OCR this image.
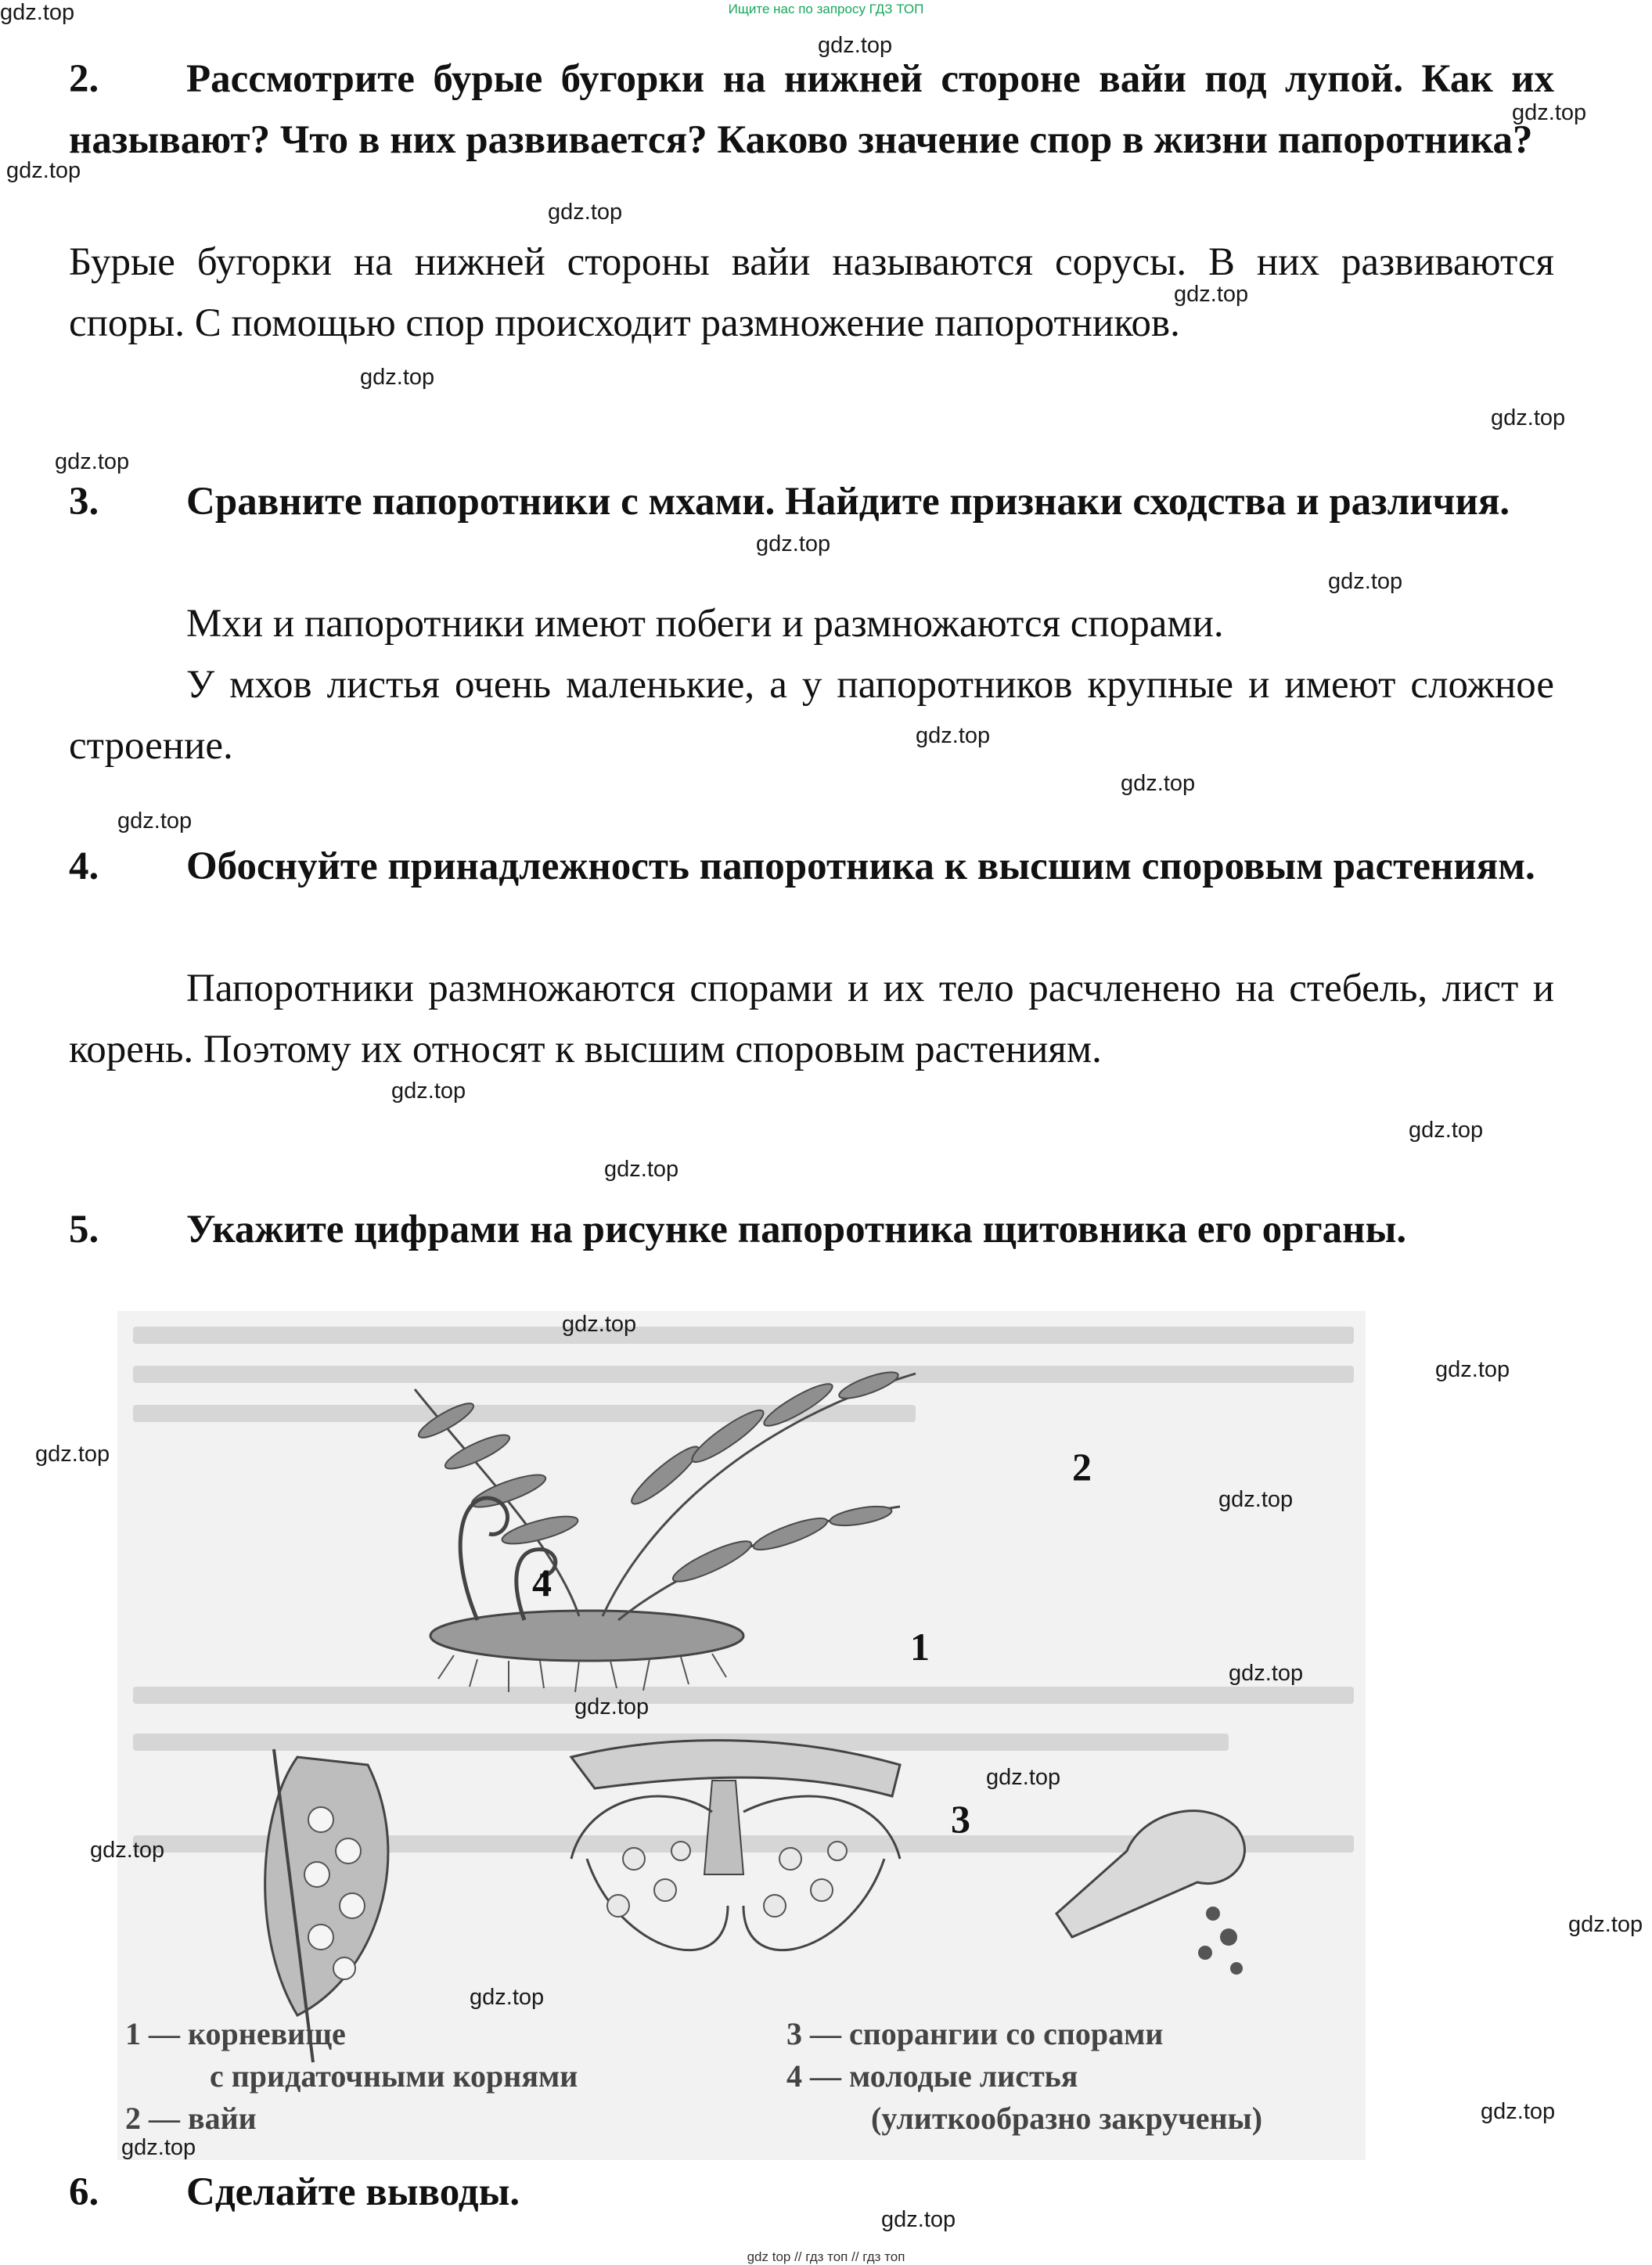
Ищите нас по запросу ГДЗ ТОП
2. Рассмотрите бурые бугорки на нижней стороне вайи под лупой. Как их называют? Что в них развивается? Каково значение спор в жизни папоротника?
Бурые бугорки на нижней стороны вайи называются сорусы. В них развиваются споры. С помощью спор происходит размножение папоротников.
3. Сравните папоротники с мхами. Найдите признаки сходства и различия.

Мхи и папоротники имеют побеги и размножаются спорами.

У мхов листья очень маленькие, а у папоротников крупные и имеют сложное строение.

4. Обоснуйте принадлежность папоротника к высшим споровым растениям.
Папоротники размножаются спорами и их тело расчленено на стебель, лист и корень. Поэтому их относят к высшим споровым растениям.
5. Укажите цифрами на рисунке папоротника щитовника его органы.
2
4
1
3
1 — корневище
с придаточными корнями
2 — вайи
3 — спорангии со спорами
4 — молодые листья
(улиткообразно закручены)
6. Сделайте выводы.
gdz.top
gdz.top
gdz.top
gdz.top
gdz.top
gdz.top
gdz.top
gdz.top
gdz.top
gdz.top
gdz.top
gdz.top
gdz.top
gdz.top
gdz.top
gdz.top
gdz.top
gdz.top
gdz.top
gdz.top
gdz.top
gdz.top
gdz.top
gdz.top
gdz.top
gdz.top
gdz.top
gdz.top
gdz.top
gdz.top
gdz top // гдз топ // гдз топ
